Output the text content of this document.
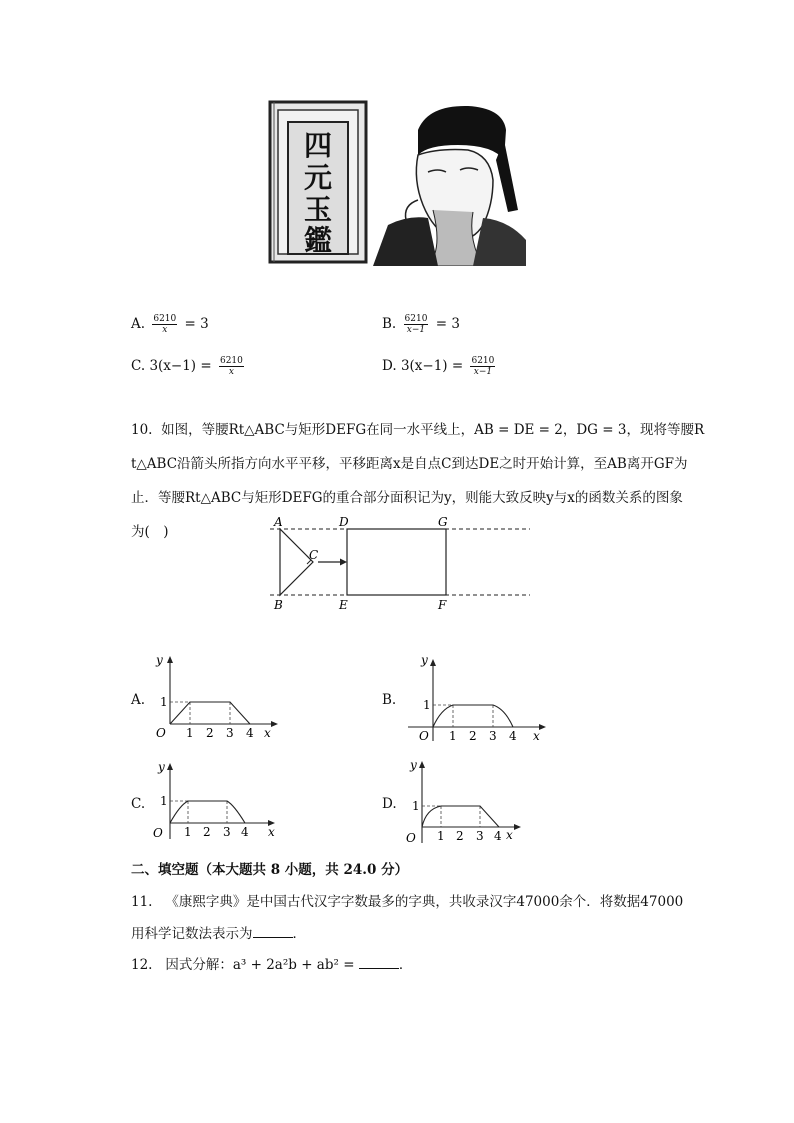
四
元
玉
鑑
A. $\frac{6210}{x} = 3$	B. $\frac{6210}{x-1} = 3$
C. $3(x-1) = \frac{6210}{x}$	D. $3(x-1) = \frac{6210}{x-1}$
10. 如图，等腰Rt△ABC与矩形DEFG在同一水平线上，AB = DE = 2，DG = 3，现将等腰R
t△ABC沿箭头所指方向水平平移，平移距离x是自点C到达DE之时开始计算，至AB离开GF为
止．等腰Rt△ABC与矩形DEFG的重合部分面积记为y，则能大致反映y与x的函数关系的图象
为(　)
A
B
C
D
E	F
G
A.
y
1
O 1 2 3 4 x
B.
y
1
O 1 2 3 4 x
C.
y
1
O 1 2 3 4 x
D.
y
1
O 1 2 3 4 x
二、填空题（本大题共 8 小题，共 24.0 分）
11. 《康熙字典》是中国古代汉字字数最多的字典，共收录汉字47000余个．将数据47000
用科学记数法表示为	．
12. 因式分解：a³ + 2a²b + ab² =	．
